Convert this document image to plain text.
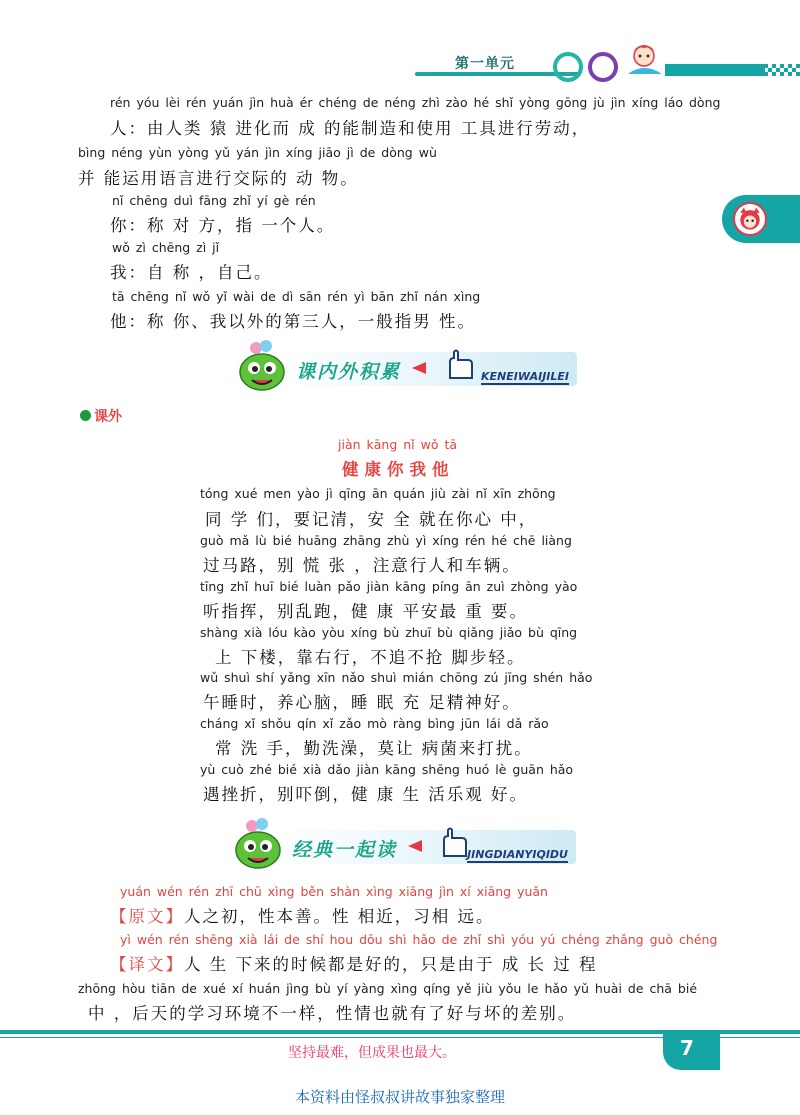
第一单元
rén yóu lèi rén yuán jìn huà ér chéng de néng zhì zào hé shǐ yòng gōng jù jìn xíng láo dòng
人：由人类 猿 进化而 成 的能制造和使用 工具进行劳动，
bìng néng yùn yòng yǔ yán jìn xíng jiāo jì de dòng wù
并 能运用语言进行交际的 动 物。
nǐ chēng duì fāng zhǐ yí gè rén
你：称 对 方，指 一个人。
wǒ zì chēng zì jǐ
我：自 称 ，自己。
tā chēng nǐ wǒ yǐ wài de dì sān rén yì bān zhǐ nán xìng
他：称 你、我以外的第三人，一般指男 性。
课内外积累	KENEIWAIJILEI
课外
jiàn kāng nǐ wǒ tā
健康你我他
tóng xué men yào jì qīng ān quán jiù zài nǐ xīn zhōng
同 学 们，要记清，安 全 就在你心 中，
guò mǎ lù bié huāng zhāng zhù yì xíng rén hé chē liàng
过马路，别 慌 张 ，注意行人和车辆。
tīng zhǐ huī bié luàn pǎo jiàn kāng píng ān zuì zhòng yào
听指挥，别乱跑，健 康 平安最 重 要。
shàng xià lóu kào yòu xíng bù zhuī bù qiǎng jiǎo bù qīng
上 下楼，靠右行，不追不抢 脚步轻。
wǔ shuì shí yǎng xīn nǎo shuì mián chōng zú jīng shén hǎo
午睡时，养心脑，睡 眠 充 足精神好。
cháng xǐ shǒu qín xǐ zǎo mò ràng bìng jūn lái dǎ rǎo
常 洗 手，勤洗澡，莫让 病菌来打扰。
yù cuò zhé bié xià dǎo jiàn kāng shēng huó lè guān hǎo
遇挫折，别吓倒，健 康 生 活乐观 好。
经典一起读	JINGDIANYIQIDU
yuán wén rén zhī chū xìng běn shàn xìng xiāng jìn xí xiāng yuǎn
【原文】人之初，性本善。性 相近，习相 远。
yì wén rén shēng xià lái de shí hou dōu shì hǎo de zhǐ shì yóu yú chéng zhǎng guò chéng
【译文】人 生 下来的时候都是好的，只是由于 成 长 过 程
zhōng hòu tiān de xué xí huán jìng bù yí yàng xìng qíng yě jiù yǒu le hǎo yǔ huài de chā bié
中 ，后天的学习环境不一样，性情也就有了好与坏的差别。
坚持最难，但成果也最大。	7
本资料由怪叔叔讲故事独家整理
